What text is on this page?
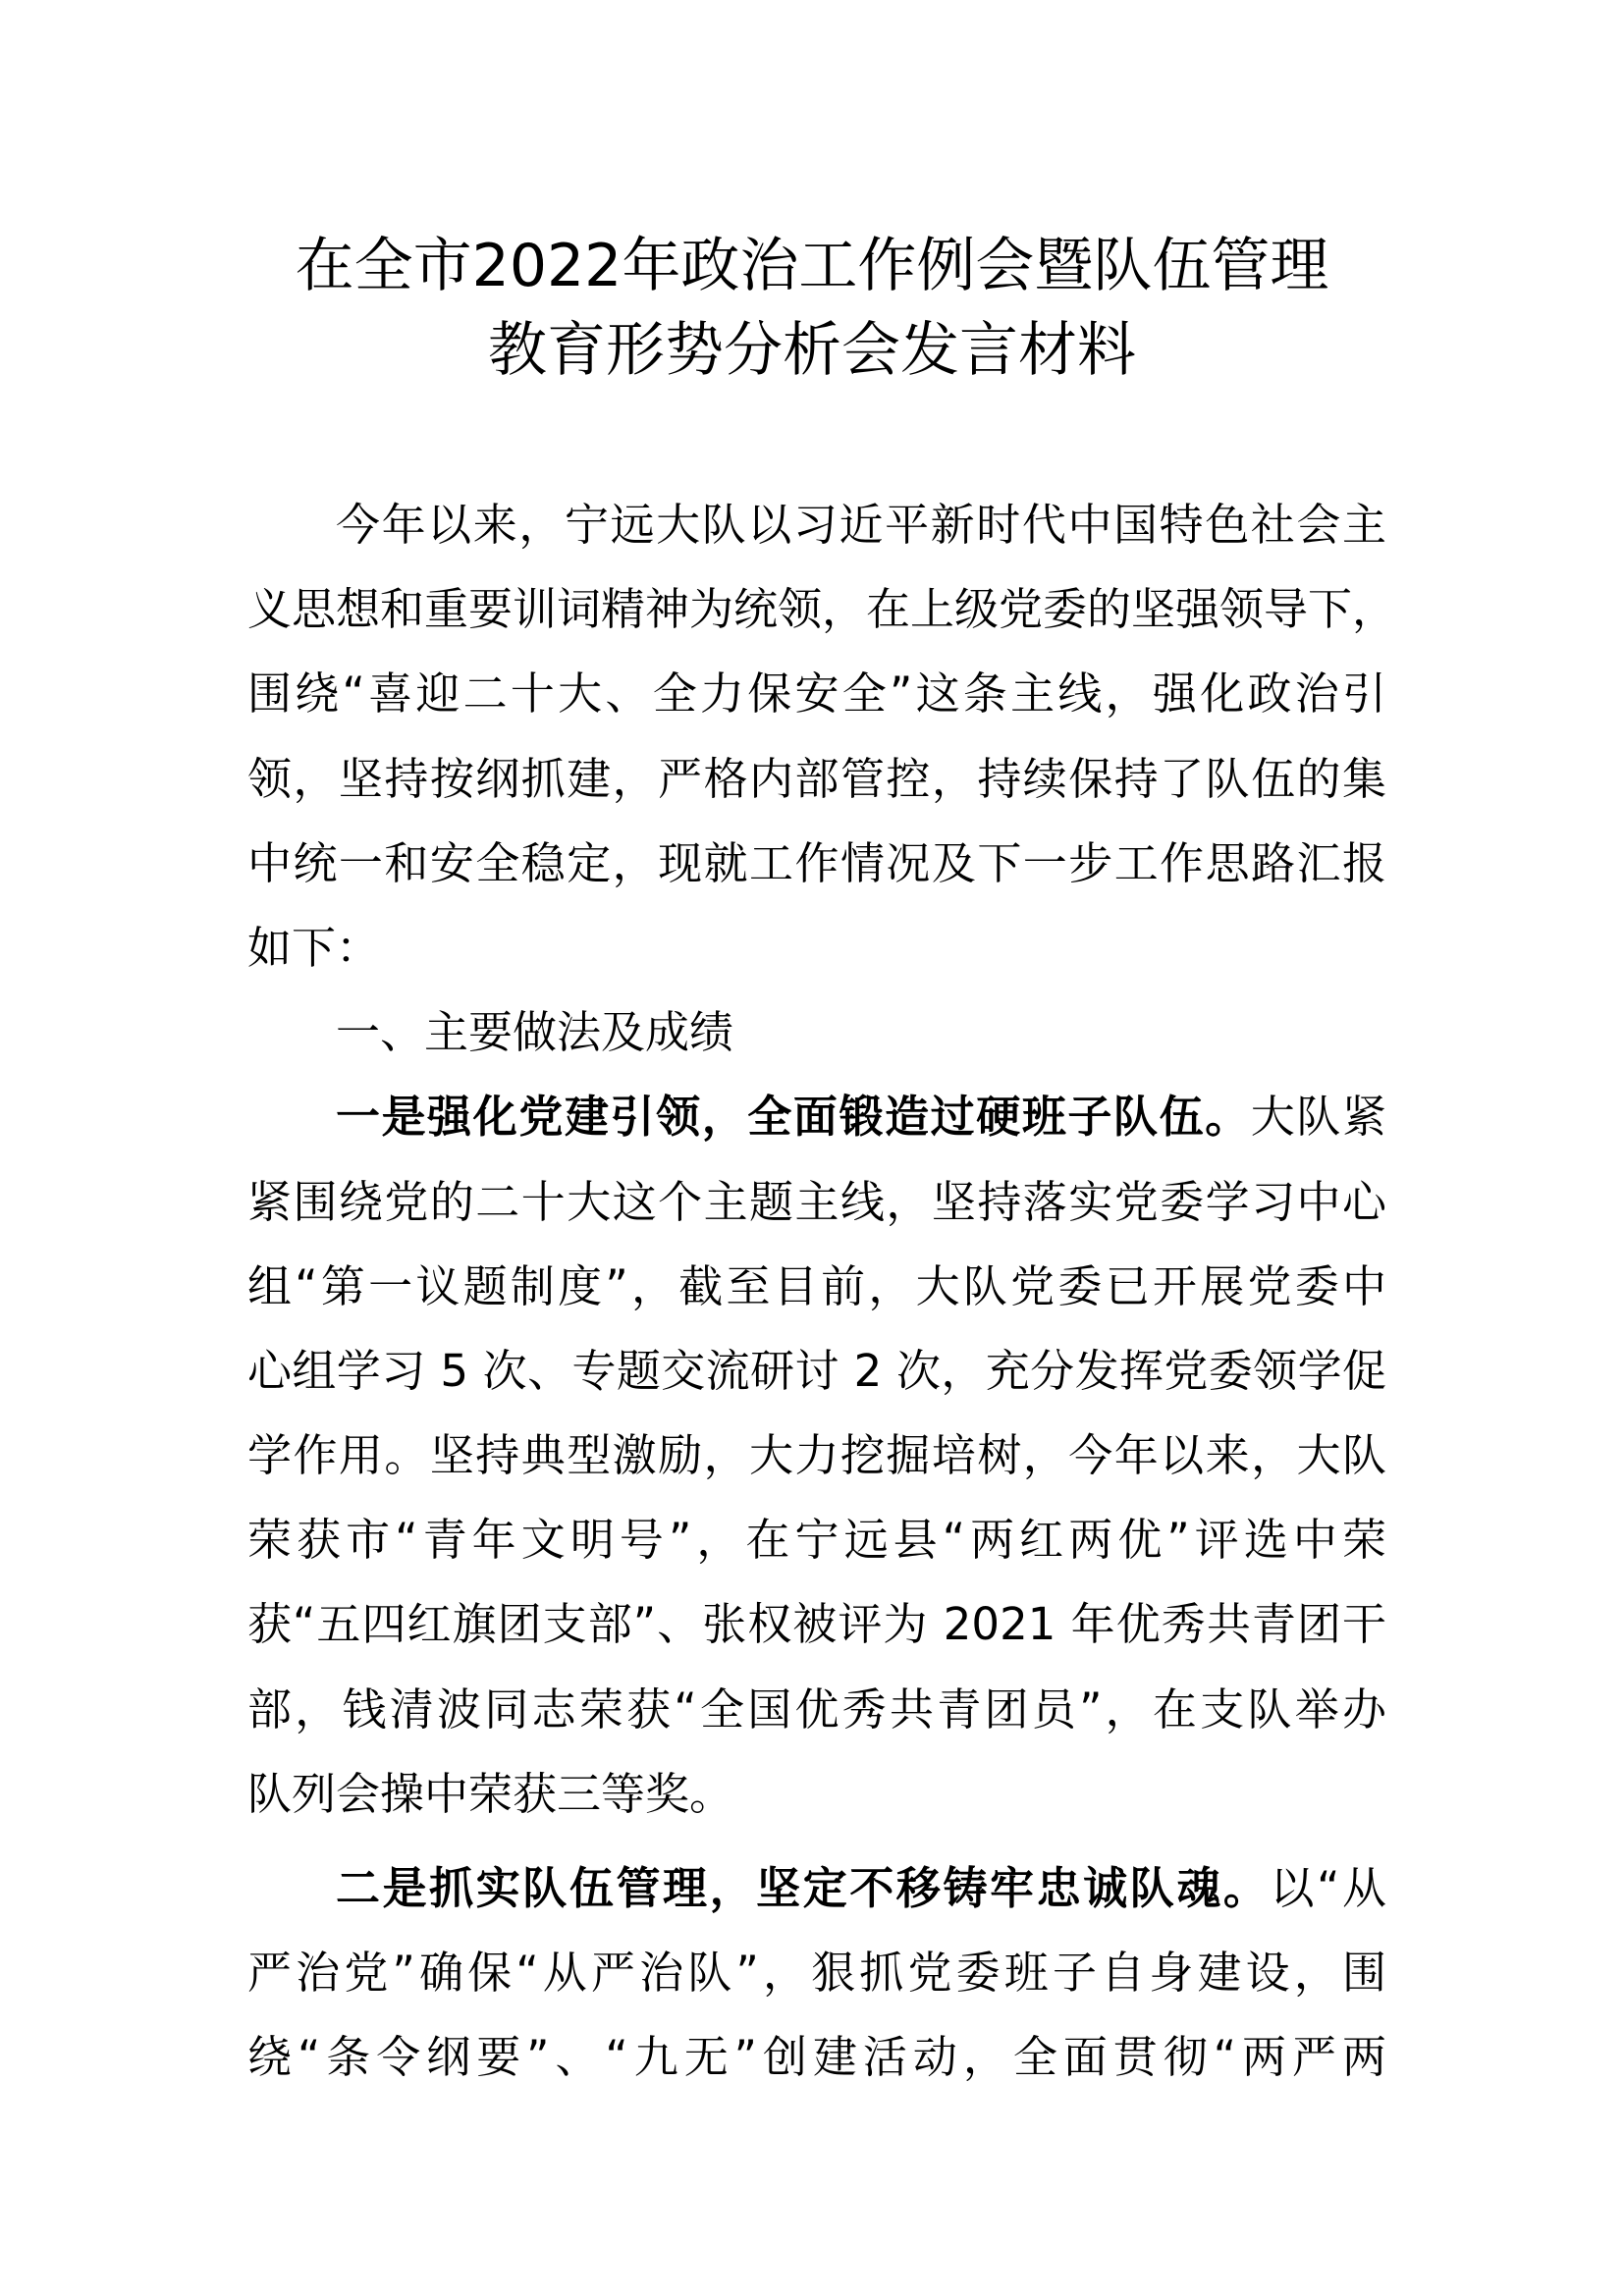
在全市2022年政治工作例会暨队伍管理
教育形势分析会发言材料
今年以来，宁远大队以习近平新时代中国特色社会主
义思想和重要训词精神为统领，在上级党委的坚强领导下，
围绕“喜迎二十大、全力保安全”这条主线，强化政治引
领，坚持按纲抓建，严格内部管控，持续保持了队伍的集
中统一和安全稳定，现就工作情况及下一步工作思路汇报
如下：
一、主要做法及成绩
一是强化党建引领，全面锻造过硬班子队伍。大队紧
紧围绕党的二十大这个主题主线，坚持落实党委学习中心
组“第一议题制度”，截至目前，大队党委已开展党委中
心组学习 5 次、专题交流研讨 2 次，充分发挥党委领学促
学作用。坚持典型激励，大力挖掘培树，今年以来，大队
荣获市“青年文明号”，在宁远县“两红两优”评选中荣
获“五四红旗团支部”、张权被评为 2021 年优秀共青团干
部，钱清波同志荣获“全国优秀共青团员”，在支队举办
队列会操中荣获三等奖。
二是抓实队伍管理，坚定不移铸牢忠诚队魂。以“从
严治党”确保“从严治队”，狠抓党委班子自身建设，围
绕“条令纲要”、“九无”创建活动，全面贯彻“两严两
